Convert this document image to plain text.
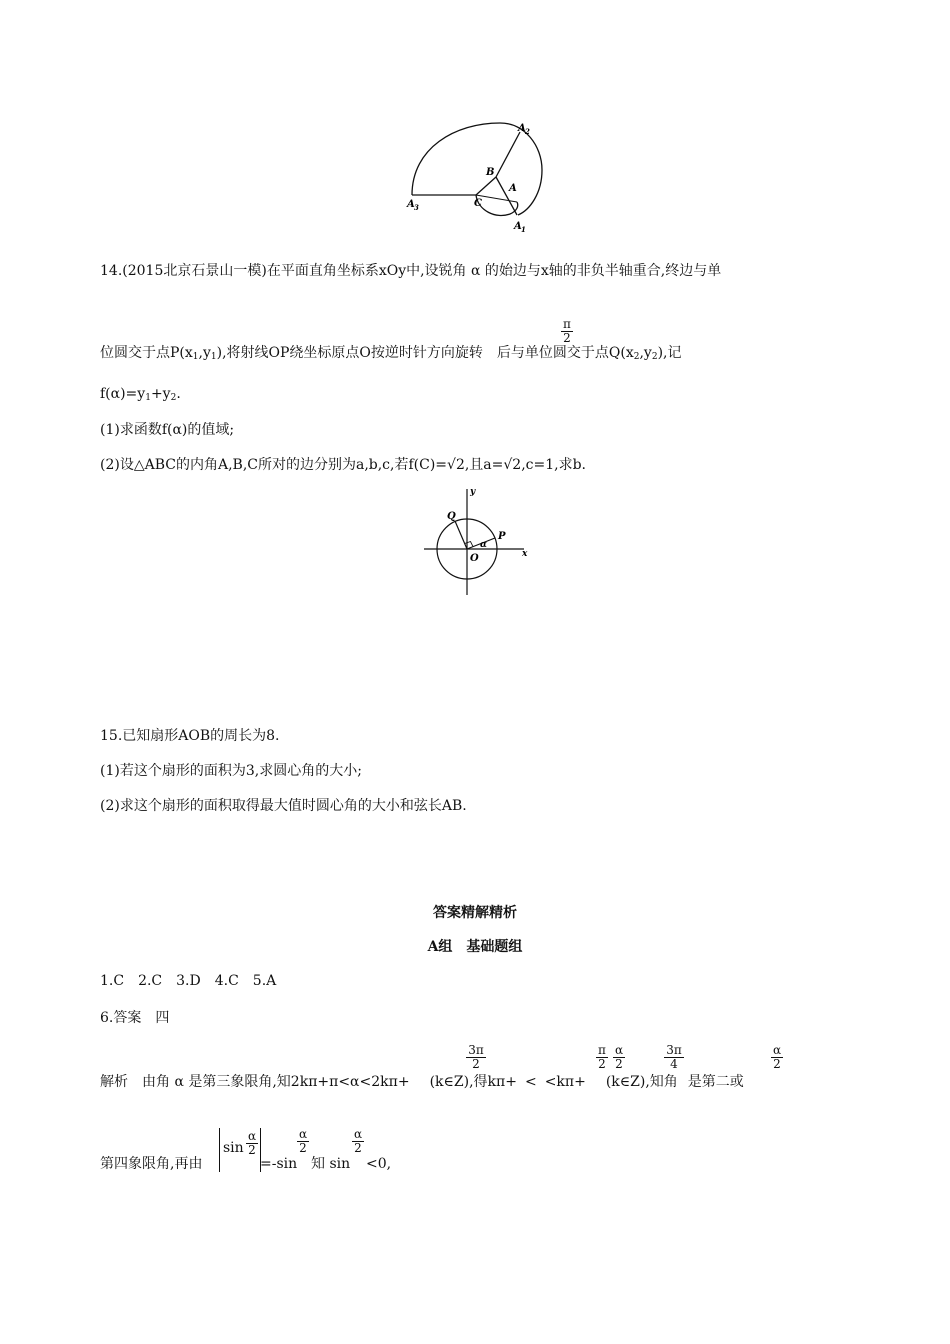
A 2
B
A
C
A 3
A 1
14.(2015北京石景山一模)在平面直角坐标系xOy中,设锐角 α 的始边与x轴的非负半轴重合,终边与单
$\frac{\pi}{2}$
位圆交于点$P(x_1,y_1)$,将射线OP绕坐标原点O按逆时针方向旋转 后与单位圆交于点$Q(x_2,y_2)$,记
$f(\alpha)=y_1+y_2$.
(1)求函数f(α)的值域;
(2)设△ABC的内角A,B,C所对的边分别为a,b,c,若f(C)=√2,且a=√2,c=1,求b.
y
Q
P
α
O	x
15.已知扇形AOB的周长为8.
(1)若这个扇形的面积为3,求圆心角的大小;
(2)求这个扇形的面积取得最大值时圆心角的大小和弦长AB.
答案精解精析
A组　基础题组
1.C　2.C　3.D　4.C　5.A
6.答案　四
$\frac{3\pi}{2}$	$\frac{\pi}{2} \frac{\alpha}{2}$	$\frac{3\pi}{4}$	$\frac{\alpha}{2}$
解析　由角 α 是第三象限角,知2kπ+π<α<2kπ+ (k∈Z),得kπ+ < <kπ+ (k∈Z),知角 是第二或
$\sin \frac{\alpha}{2}$	$\frac{\alpha}{2}$	$\frac{\alpha}{2}$
第四象限角,再由	=-sin 知 sin <0,
